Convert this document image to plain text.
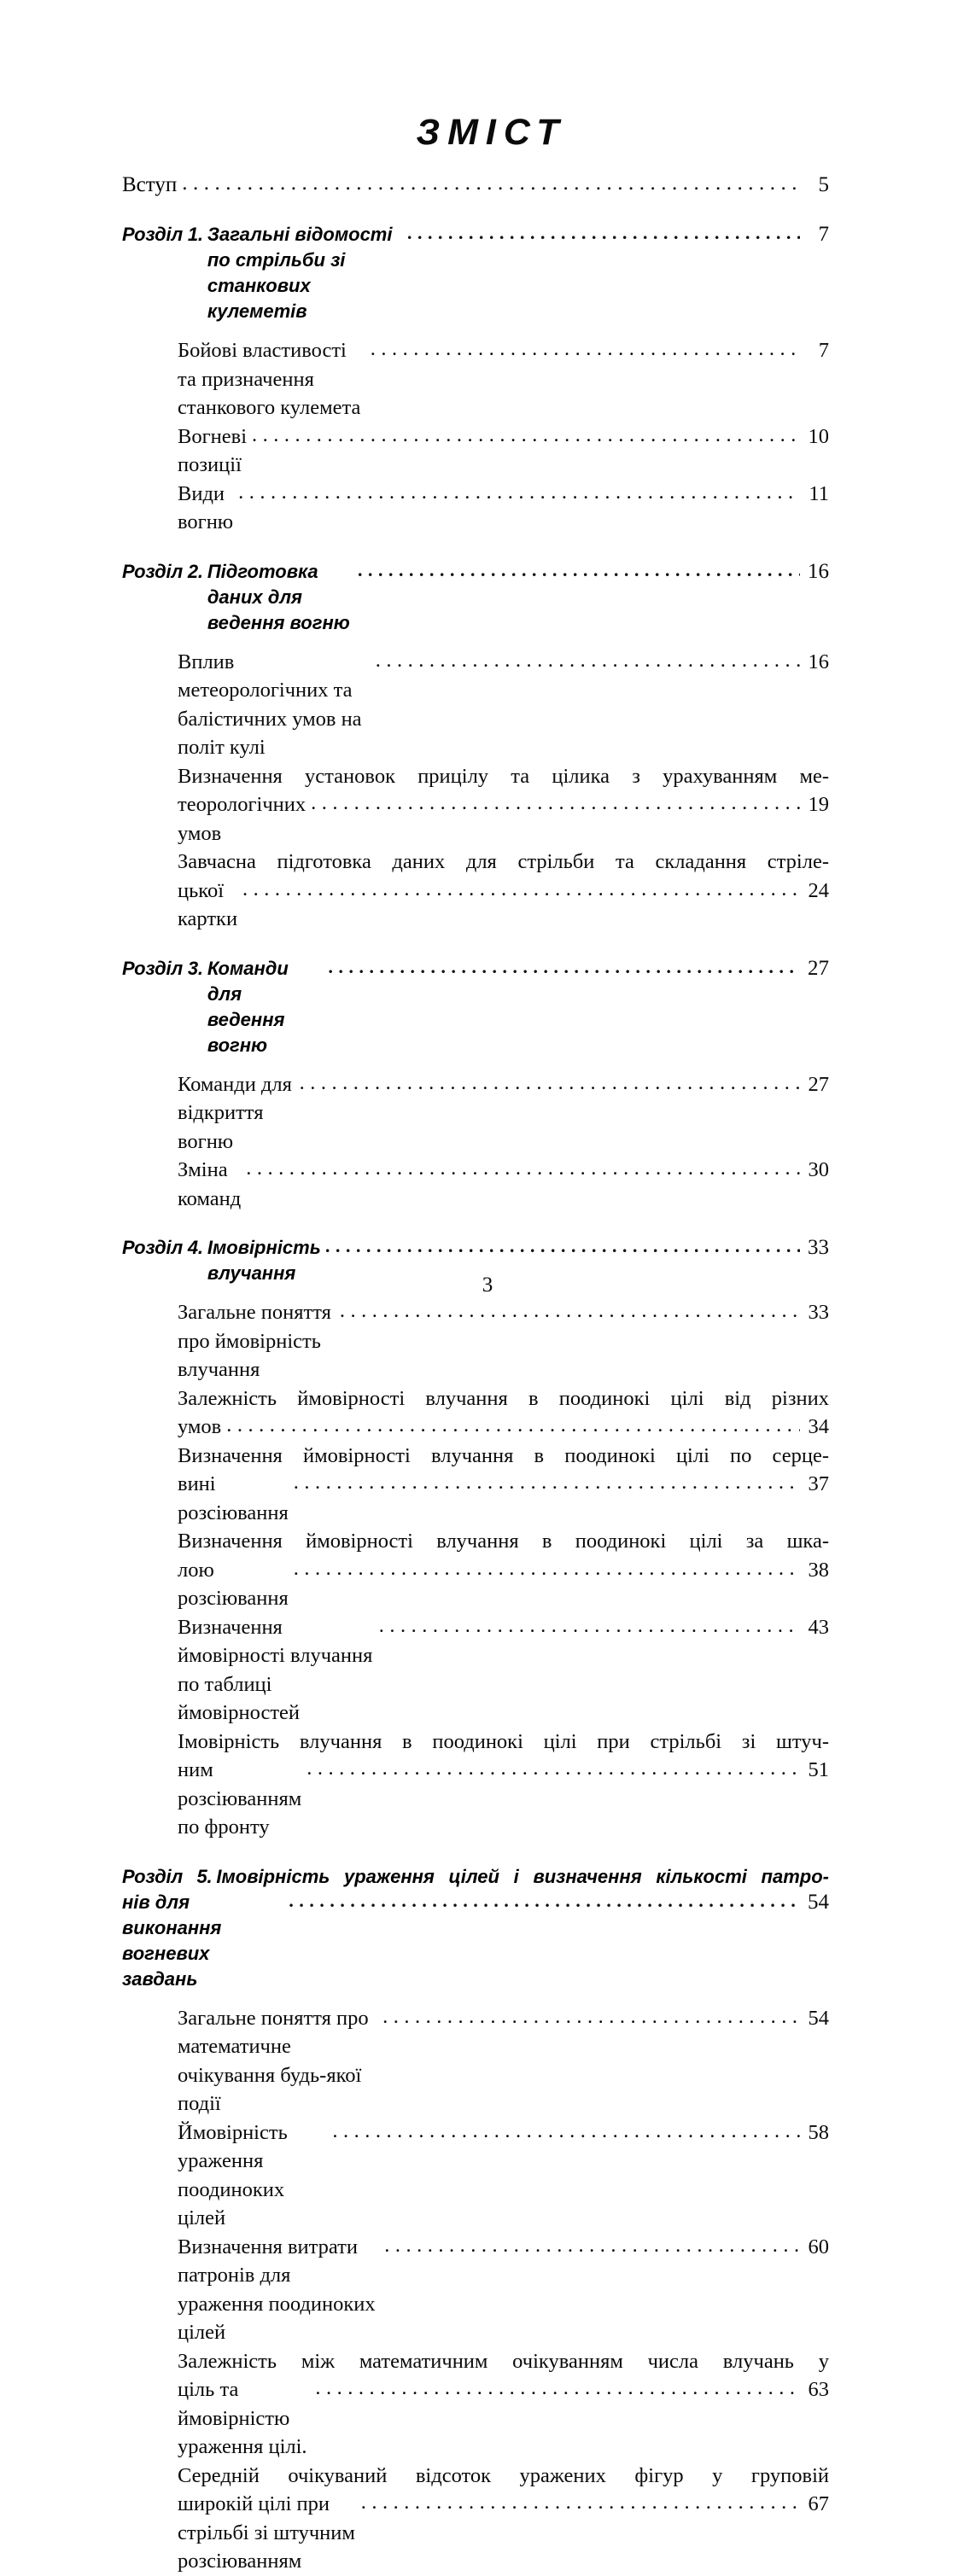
ЗМІСТ
Вступ .....	5
Розділ 1. Загальні відомості по стрільби зі станкових кулеметів
.....
7
Бойові властивості та призначення станкового кулемета
.....
7
Вогневі позиції
.....
10
Види вогню
.....
11
Розділ 2. Підготовка даних для ведення вогню
.....
16
Вплив метеорологічних та балістичних умов на політ кулі
.....
16
Визначення установок прицілу та цілика з урахуванням ме-
теорологічних умов
.....
19
Завчасна підготовка даних для стрільби та складання стріле-
цької картки
.....
24
Розділ 3. Команди для ведення вогню
.....
27
Команди для відкриття вогню
.....
27
Зміна команд
.....
30
Розділ 4. Імовірність влучання
.....
33
Загальне поняття про ймовірність влучання
.....
33
Залежність ймовірності влучання в поодинокі цілі від різних
умов .....	34
Визначення ймовірності влучання в поодинокі цілі по серце-
вині розсіювання
.....
37
Визначення ймовірності влучання в поодинокі цілі за шка-
лою розсіювання
.....
38
Визначення ймовірності влучання по таблиці ймовірностей
.....
43
Імовірність влучання в поодинокі цілі при стрільбі зі штуч-
ним розсіюванням по фронту
.....
51
Розділ 5. Імовірність ураження цілей і визначення кількості патро-
нів для виконання вогневих завдань
.....
54
Загальне поняття про математичне очікування будь-якої події
.....
54
Ймовірність ураження поодиноких цілей
.....
58
Визначення витрати патронів для ураження поодиноких цілей
.....
60
Залежність між математичним очікуванням числа влучань у
ціль та ймовірністю ураження цілі.
.....
63
Середній очікуваний відсоток уражених фігур у груповій
широкій цілі при стрільбі зі штучним розсіюванням
.....
67
3
